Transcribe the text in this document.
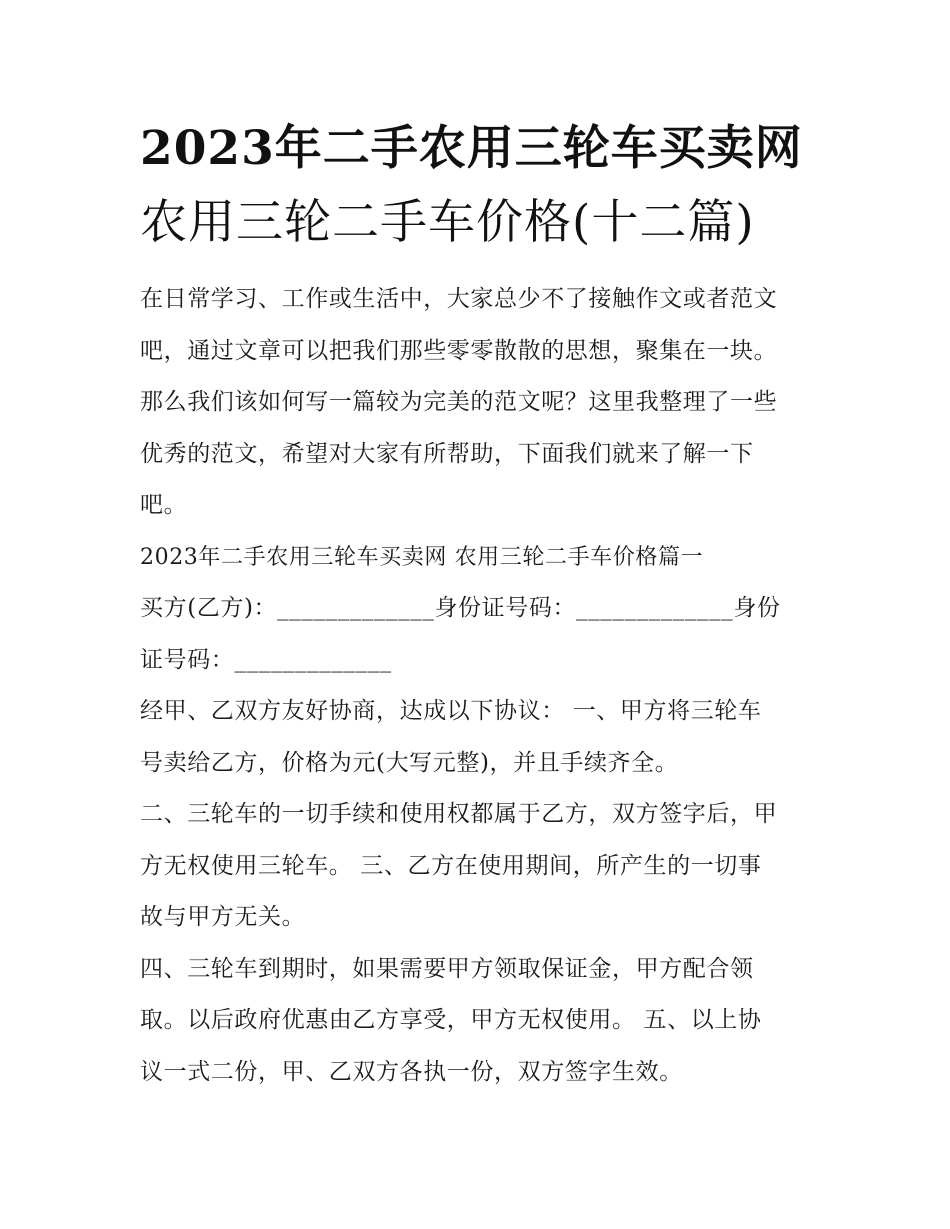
2023年二手农用三轮车买卖网
农用三轮二手车价格(十二篇)

在日常学习、工作或生活中，大家总少不了接触作文或者范文
吧，通过文章可以把我们那些零零散散的思想，聚集在一块。
那么我们该如何写一篇较为完美的范文呢？这里我整理了一些
优秀的范文，希望对大家有所帮助，下面我们就来了解一下
吧。

2023年二手农用三轮车买卖网 农用三轮二手车价格篇一

买方(乙方)：_____________身份证号码：_____________身份
证号码：_____________

经甲、乙双方友好协商，达成以下协议： 一、甲方将三轮车
号卖给乙方，价格为元(大写元整)，并且手续齐全。

二、三轮车的一切手续和使用权都属于乙方，双方签字后，甲
方无权使用三轮车。 三、乙方在使用期间，所产生的一切事
故与甲方无关。

四、三轮车到期时，如果需要甲方领取保证金，甲方配合领
取。以后政府优惠由乙方享受，甲方无权使用。 五、以上协
议一式二份，甲、乙双方各执一份，双方签字生效。
